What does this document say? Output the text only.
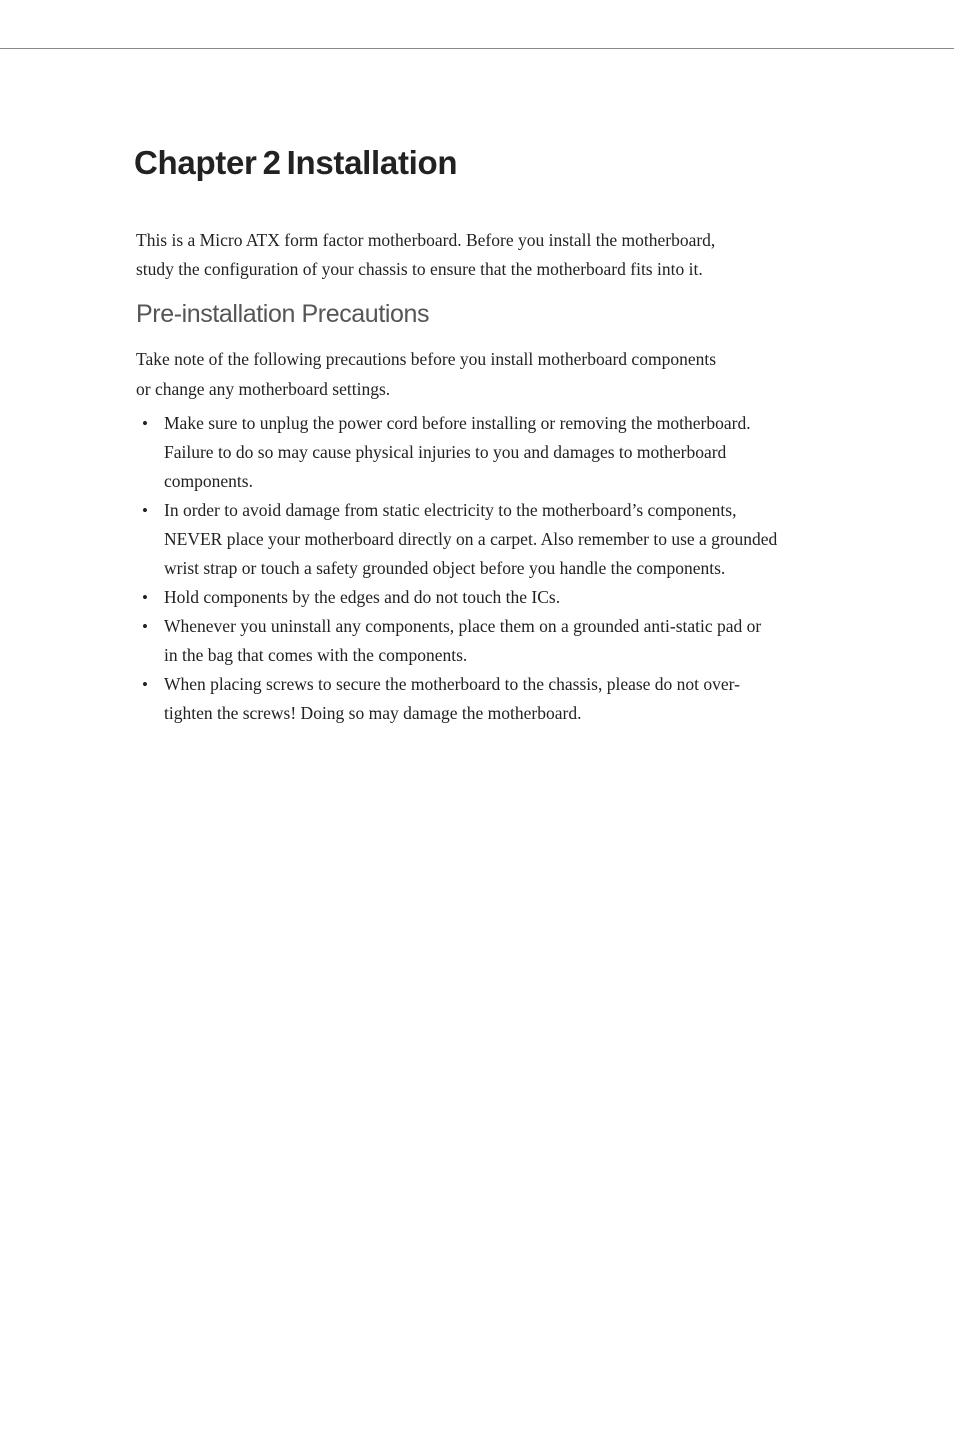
Chapter 2 Installation

This is a Micro ATX form factor motherboard. Before you install the motherboard,
study the configuration of your chassis to ensure that the motherboard fits into it.

Pre-installation Precautions

Take note of the following precautions before you install motherboard components
or change any motherboard settings.

• Make sure to unplug the power cord before installing or removing the motherboard.
Failure to do so may cause physical injuries to you and damages to motherboard
components.
• In order to avoid damage from static electricity to the motherboard’s components,
NEVER place your motherboard directly on a carpet. Also remember to use a grounded
wrist strap or touch a safety grounded object before you handle the components.
• Hold components by the edges and do not touch the ICs.
• Whenever you uninstall any components, place them on a grounded anti-static pad or
in the bag that comes with the components.
• When placing screws to secure the motherboard to the chassis, please do not over-
tighten the screws! Doing so may damage the motherboard.
